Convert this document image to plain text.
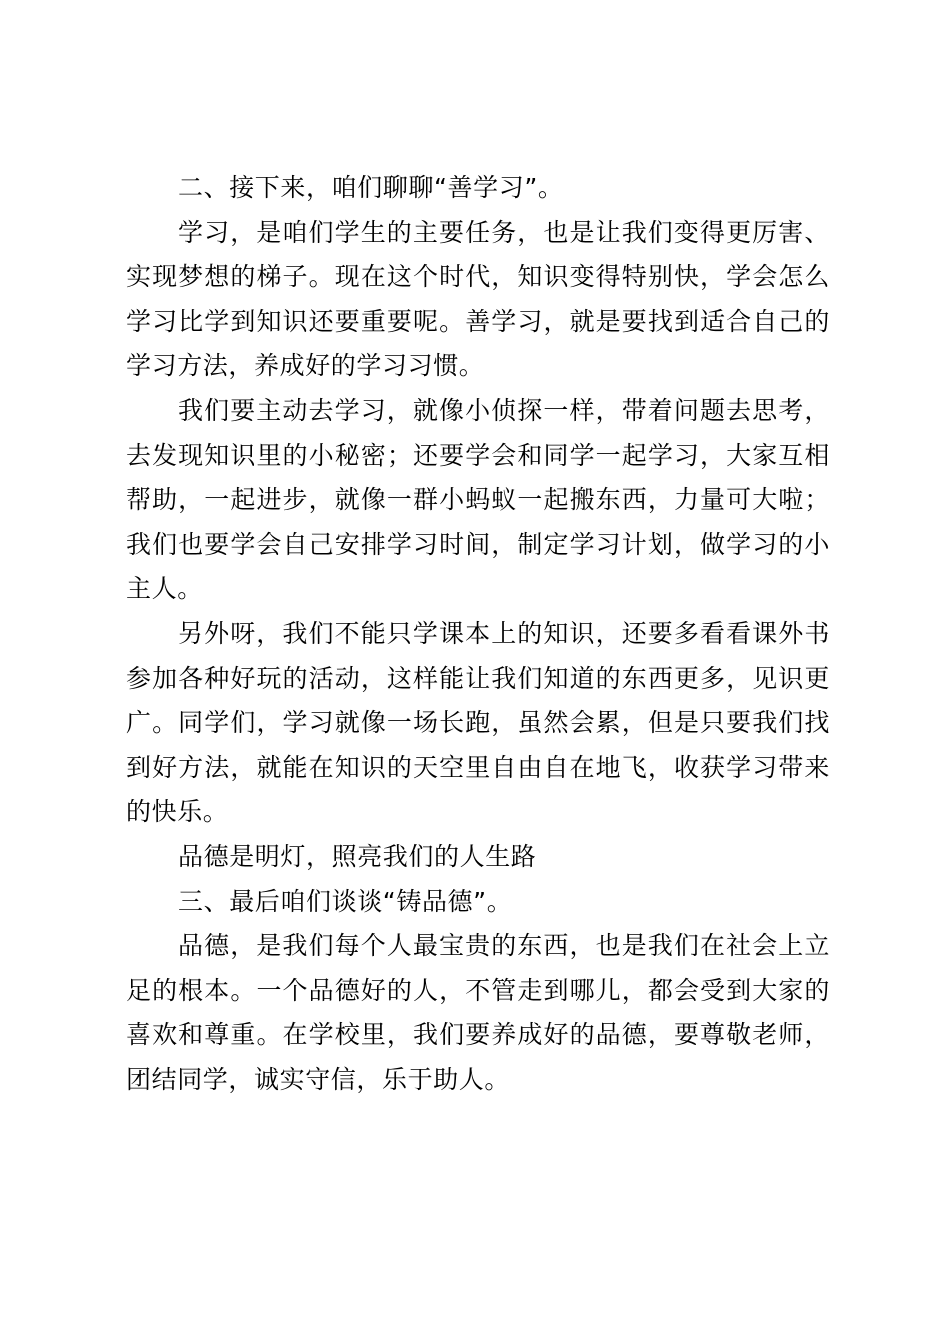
二、接下来，咱们聊聊“善学习”。

学习，是咱们学生的主要任务，也是让我们变得更厉害、实现梦想的梯子。现在这个时代，知识变得特别快，学会怎么学习比学到知识还要重要呢。善学习，就是要找到适合自己的学习方法，养成好的学习习惯。

我们要主动去学习，就像小侦探一样，带着问题去思考，去发现知识里的小秘密；还要学会和同学一起学习，大家互相帮助，一起进步，就像一群小蚂蚁一起搬东西，力量可大啦；我们也要学会自己安排学习时间，制定学习计划，做学习的小主人。

另外呀，我们不能只学课本上的知识，还要多看看课外书参加各种好玩的活动，这样能让我们知道的东西更多，见识更广。同学们，学习就像一场长跑，虽然会累，但是只要我们找到好方法，就能在知识的天空里自由自在地飞，收获学习带来的快乐。

品德是明灯，照亮我们的人生路

三、最后咱们谈谈“铸品德”。

品德，是我们每个人最宝贵的东西，也是我们在社会上立足的根本。一个品德好的人，不管走到哪儿，都会受到大家的喜欢和尊重。在学校里，我们要养成好的品德，要尊敬老师，团结同学，诚实守信，乐于助人。
